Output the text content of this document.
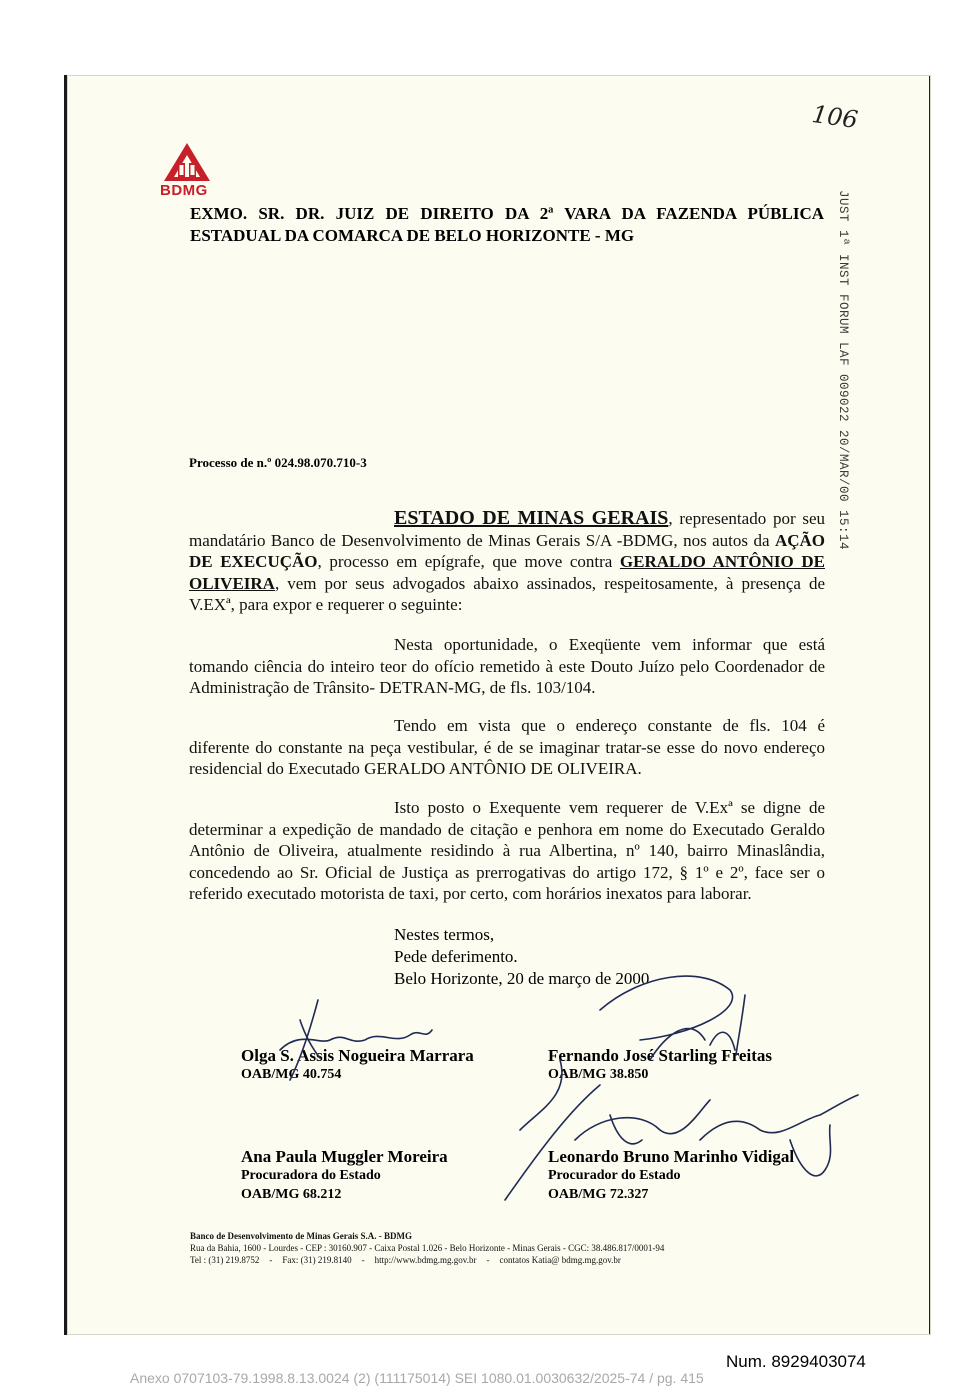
BDMG
106
JUST 1ª INST FORUM LAF 009022 20/MAR/00 15:14
EXMO. SR. DR. JUIZ DE DIREITO DA 2ª VARA DA FAZENDA PÚBLICA

ESTADUAL DA COMARCA DE BELO HORIZONTE - MG
Processo de n.º 024.98.070.710-3
ESTADO DE MINAS GERAIS, representado por seu mandatário Banco de Desenvolvimento de Minas Gerais S/A -BDMG, nos autos da AÇÃO DE EXECUÇÃO, processo em epígrafe, que move contra GERALDO ANTÔNIO DE OLIVEIRA, vem por seus advogados abaixo assinados, respeitosamente, à presença de V.EXª, para expor e requerer o seguinte:
Nesta oportunidade, o Exeqüente vem informar que está
tomando ciência do inteiro teor do ofício remetido à este Douto Juízo pelo Coordenador de Administração de Trânsito- DETRAN-MG, de fls. 103/104.
Tendo em vista que o endereço constante de fls. 104 é
diferente do constante na peça vestibular, é de se imaginar tratar-se esse do novo endereço residencial do Executado GERALDO ANTÔNIO DE OLIVEIRA.
Isto posto o Exequente vem requerer de V.Exª se digne de
determinar a expedição de mandado de citação e penhora em nome do Executado Geraldo Antônio de Oliveira, atualmente residindo à rua Albertina, nº 140, bairro Minaslândia, concedendo ao Sr. Oficial de Justiça as prerrogativas do artigo 172, § 1º e 2º, face ser o referido executado motorista de taxi, por certo, com horários inexatos para laborar.
Nestes termos,
Pede deferimento.
Belo Horizonte, 20 de março de 2000
Olga S. Assis Nogueira Marrara
OAB/MG 40.754
Fernando José Starling Freitas
OAB/MG 38.850
Ana Paula Muggler Moreira
Procuradora do Estado
OAB/MG 68.212
Leonardo Bruno Marinho Vidigal
Procurador do Estado
OAB/MG 72.327
Banco de Desenvolvimento de Minas Gerais S.A. - BDMG
Rua da Bahia, 1600 - Lourdes - CEP : 30160.907 - Caixa Postal 1.026 - Belo Horizonte - Minas Gerais - CGC: 38.486.817/0001-94
Tel : (31) 219.8752 - Fax: (31) 219.8140 - http://www.bdmg.mg.gov.br - contatos Katia@ bdmg.mg.gov.br
Num. 8929403074
Anexo 0707103-79.1998.8.13.0024 (2) (111175014) SEI 1080.01.0030632/2025-74 / pg. 415
